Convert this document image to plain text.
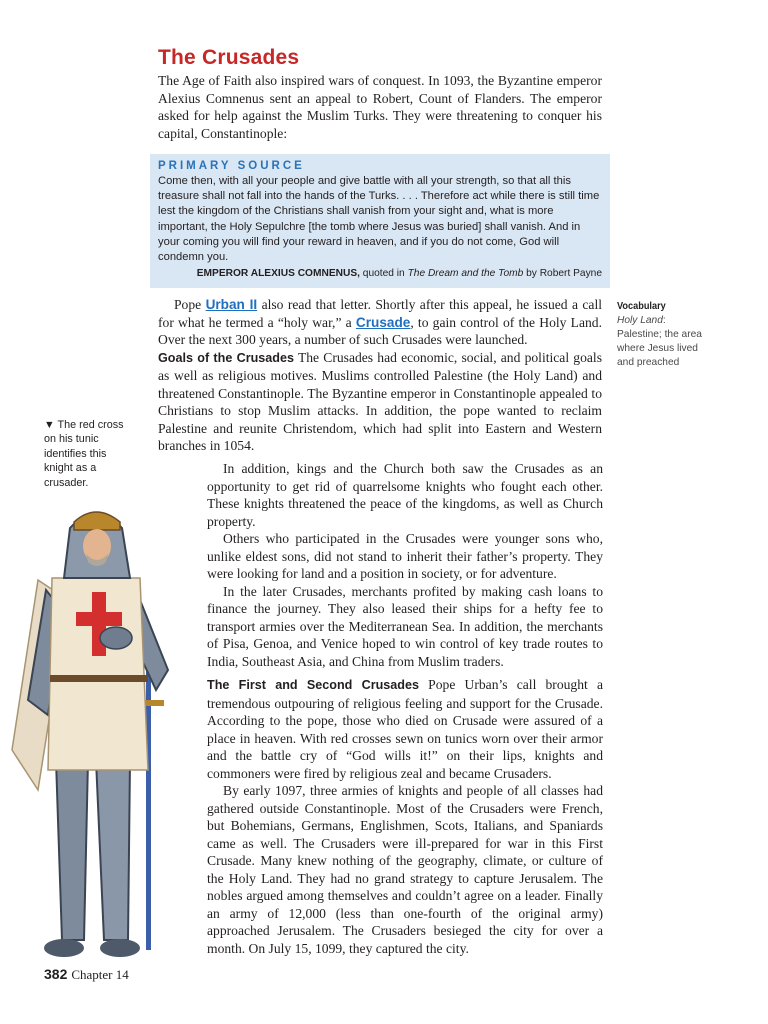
The Crusades

The Age of Faith also inspired wars of conquest. In 1093, the Byzantine emperor Alexius Comnenus sent an appeal to Robert, Count of Flanders. The emperor asked for help against the Muslim Turks. They were threatening to conquer his capital, Constantinople:

PRIMARY SOURCE

Come then, with all your people and give battle with all your strength, so that all this treasure shall not fall into the hands of the Turks. . . . Therefore act while there is still time lest the kingdom of the Christians shall vanish from your sight and, what is more important, the Holy Sepulchre [the tomb where Jesus was buried] shall vanish. And in your coming you will find your reward in heaven, and if you do not come, God will condemn you.

EMPEROR ALEXIUS COMNENUS, quoted in The Dream and the Tomb by Robert Payne

Pope Urban II also read that letter. Shortly after this appeal, he issued a call for what he termed a “holy war,” a Crusade, to gain control of the Holy Land. Over the next 300 years, a number of such Crusades were launched.

Goals of the Crusades The Crusades had economic, social, and political goals as well as religious motives. Muslims controlled Palestine (the Holy Land) and threatened Constantinople. The Byzantine emperor in Constantinople appealed to Christians to stop Muslim attacks. In addition, the pope wanted to reclaim Palestine and reunite Christendom, which had split into Eastern and Western branches in 1054.

In addition, kings and the Church both saw the Crusades as an opportunity to get rid of quarrelsome knights who fought each other. These knights threatened the peace of the kingdoms, as well as Church property.

Others who participated in the Crusades were younger sons who, unlike eldest sons, did not stand to inherit their father’s property. They were looking for land and a position in society, or for adventure.

In the later Crusades, merchants profited by making cash loans to finance the journey. They also leased their ships for a hefty fee to transport armies over the Mediterranean Sea. In addition, the merchants of Pisa, Genoa, and Venice hoped to win control of key trade routes to India, Southeast Asia, and China from Muslim traders.

The First and Second Crusades Pope Urban’s call brought a tremendous outpouring of religious feeling and support for the Crusade. According to the pope, those who died on Crusade were assured of a place in heaven. With red crosses sewn on tunics worn over their armor and the battle cry of “God wills it!” on their lips, knights and commoners were fired by religious zeal and became Crusaders.

By early 1097, three armies of knights and people of all classes had gathered outside Constantinople. Most of the Crusaders were French, but Bohemians, Germans, Englishmen, Scots, Italians, and Spaniards came as well. The Crusaders were ill-prepared for war in this First Crusade. Many knew nothing of the geography, climate, or culture of the Holy Land. They had no grand strategy to capture Jerusalem. The nobles argued among themselves and couldn’t agree on a leader. Finally an army of 12,000 (less than one-fourth of the original army) approached Jerusalem. The Crusaders besieged the city for over a month. On July 15, 1099, they captured the city.

Vocabulary
Holy Land: Palestine; the area where Jesus lived and preached
▼ The red cross on his tunic identifies this knight as a crusader.
382 Chapter 14
